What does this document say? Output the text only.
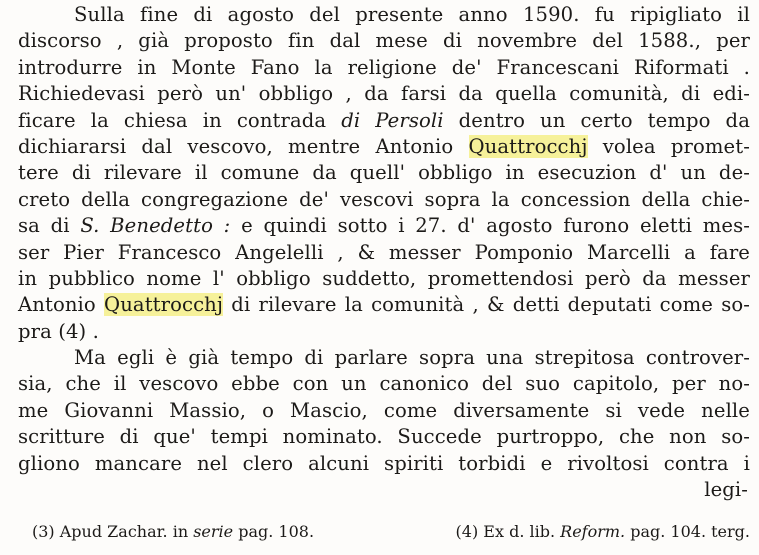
Sulla fine di agosto del presente anno 1590. fu ripigliato il
discorso , già proposto fin dal mese di novembre del 1588., per
introdurre in Monte Fano la religione de' Francescani Riformati .
Richiedevasi però un' obbligo , da farsi da quella comunità, di edi-
ficare la chiesa in contrada di Persoli dentro un certo tempo da
dichiararsi dal vescovo, mentre Antonio Quattrocchj volea promet-
tere di rilevare il comune da quell' obbligo in esecuzion d' un de-
creto della congregazione de' vescovi sopra la concession della chie-
sa di S. Benedetto : e quindi sotto i 27. d' agosto furono eletti mes-
ser Pier Francesco Angelelli , & messer Pomponio Marcelli a fare
in pubblico nome l' obbligo suddetto, promettendosi però da messer
Antonio Quattrocchj di rilevare la comunità , & detti deputati come so-
pra (4) .
Ma egli è già tempo di parlare sopra una strepitosa controver-
sia, che il vescovo ebbe con un canonico del suo capitolo, per no-
me Giovanni Massio, o Mascio, come diversamente si vede nelle
scritture di que' tempi nominato. Succede purtroppo, che non so-
gliono mancare nel clero alcuni spiriti torbidi e rivoltosi contra i
legi-
(3) Apud Zachar. in serie pag. 108.	(4) Ex d. lib. Reform. pag. 104. terg.
